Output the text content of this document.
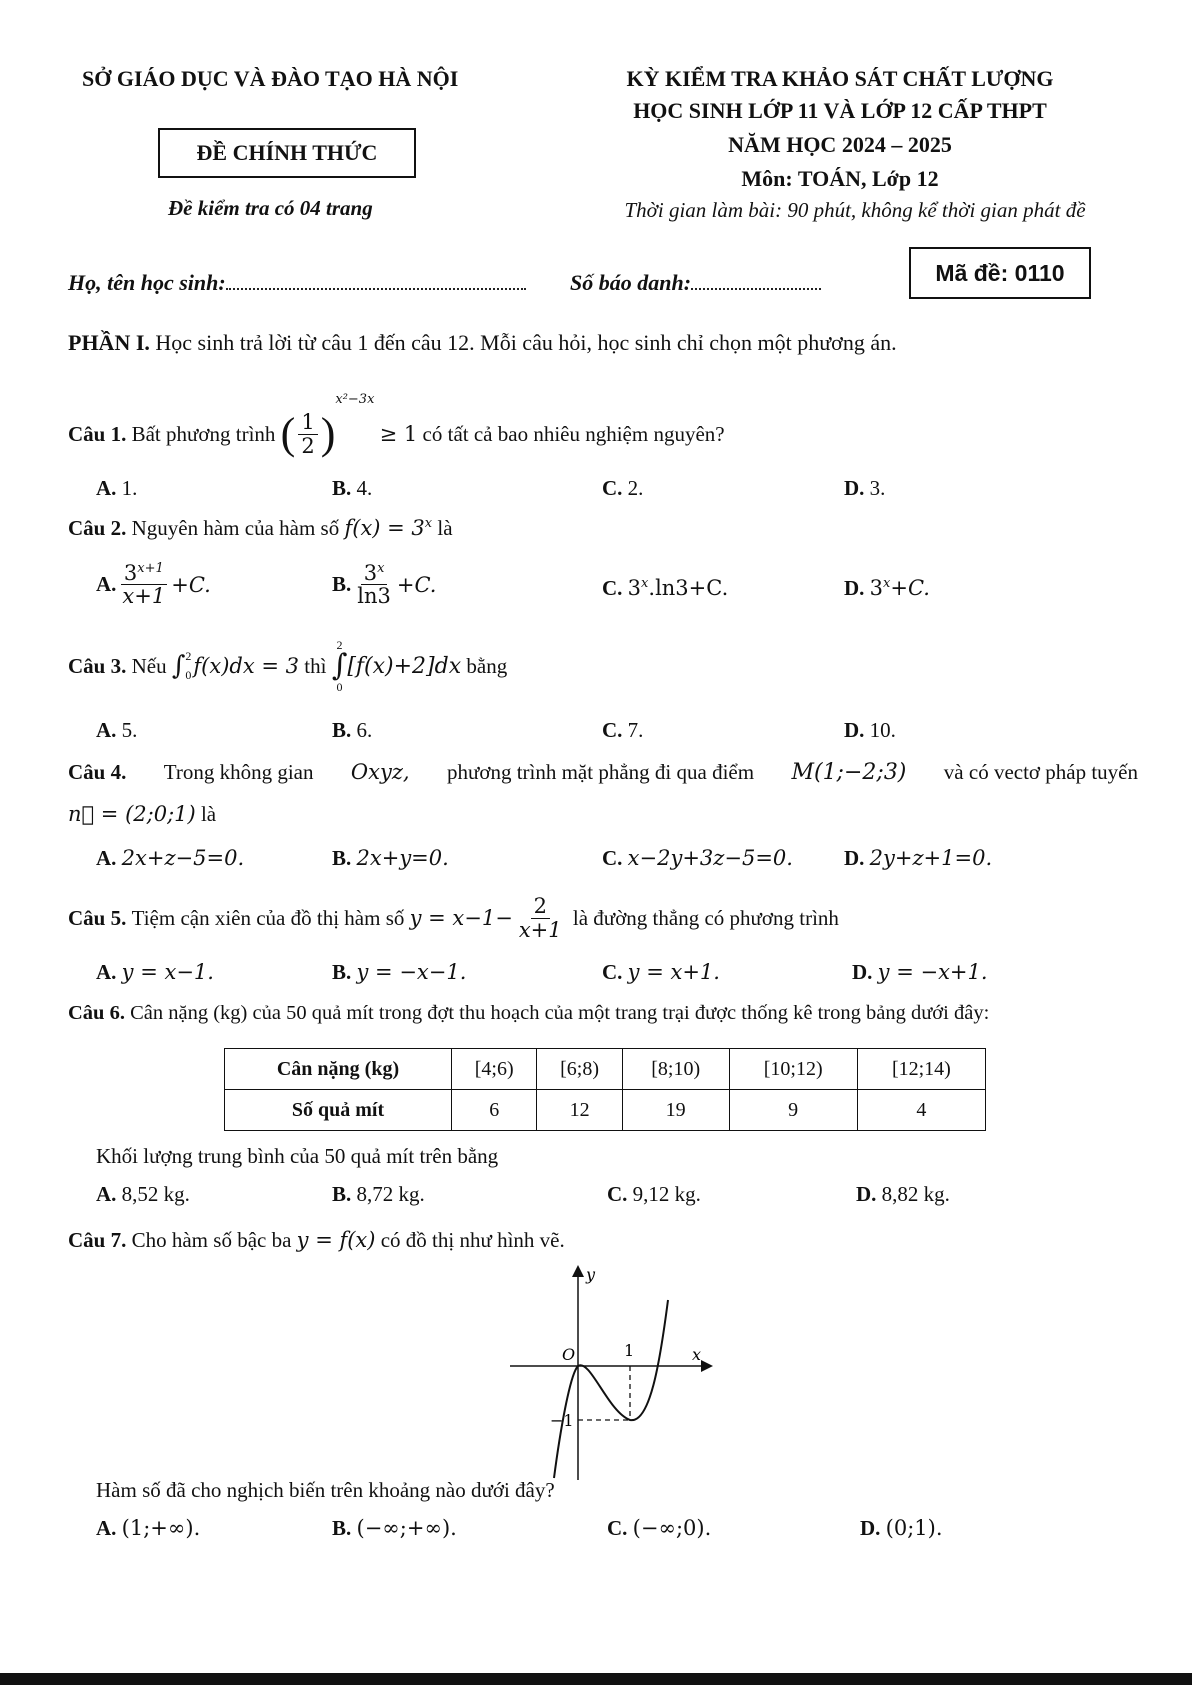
SỞ GIÁO DỤC VÀ ĐÀO TẠO HÀ NỘI
ĐỀ CHÍNH THỨC
Đề kiểm tra có 04 trang
KỲ KIỂM TRA KHẢO SÁT CHẤT LƯỢNG
HỌC SINH LỚP 11 VÀ LỚP 12 CẤP THPT
NĂM HỌC 2024 – 2025
Môn: TOÁN, Lớp 12
Thời gian làm bài: 90 phút, không kể thời gian phát đề
Họ, tên học sinh:	Số báo danh:	Mã đề: 0110
PHẦN I. Học sinh trả lời từ câu 1 đến câu 12. Mỗi câu hỏi, học sinh chỉ chọn một phương án.
Câu 1.
Bất phương trình
( $\frac{1}{2}$ )
x²−3x

≥ 1
có tất cả bao nhiêu nghiệm nguyên?
A. 1.	B. 4.	C. 2.	D. 3.
Câu 2. Nguyên hàm của hàm số $f(x) = 3^x$ là
A. $\frac{3^{x+1}}{x+1} +C$.	B. $\frac{3^x}{\ln 3} +C$.	C. $3^x.\ln 3+C$.	D. $3^x+C$.
Câu 3.
Nếu
∫ 2
0 f(x)dx = 3
thì

2
∫
0
[f(x)+2]dx
bằng
A. 5.	B. 6.	C. 7.	D. 10.
Câu 4. Trong không gian Oxyz, phương trình mặt phẳng đi qua điểm M(1;−2;3) và có vectơ pháp tuyến
n⃗ = (2;0;1) là
A. 2x+z−5=0.	B. 2x+y=0.	C. x−2y+3z−5=0. D. 2y+z+1=0.
Câu 5.
Tiệm cận xiên của đồ thị hàm số
$y = x-1- \frac{2}{x+1}$
là đường thẳng có phương trình
A. y = x−1.	B. y = −x−1.	C. y = x+1.	D. y = −x+1.
Câu 6. Cân nặng (kg) của 50 quả mít trong đợt thu hoạch của một trang trại được thống kê trong bảng dưới đây:
Cân nặng (kg)	[4;6)	[6;8)	[8;10)	[10;12)	[12;14)
Số quả mít	6	12	19	9	4
Khối lượng trung bình của 50 quả mít trên bằng
A. 8,52 kg.	B. 8,72 kg.	C. 9,12 kg.	D. 8,82 kg.
Câu 7. Cho hàm số bậc ba y = f(x) có đồ thị như hình vẽ.
y
x
O	1
−1
Hàm số đã cho nghịch biến trên khoảng nào dưới đây?
A. (1;+∞).	B. (−∞;+∞).	C. (−∞;0).	D. (0;1).
